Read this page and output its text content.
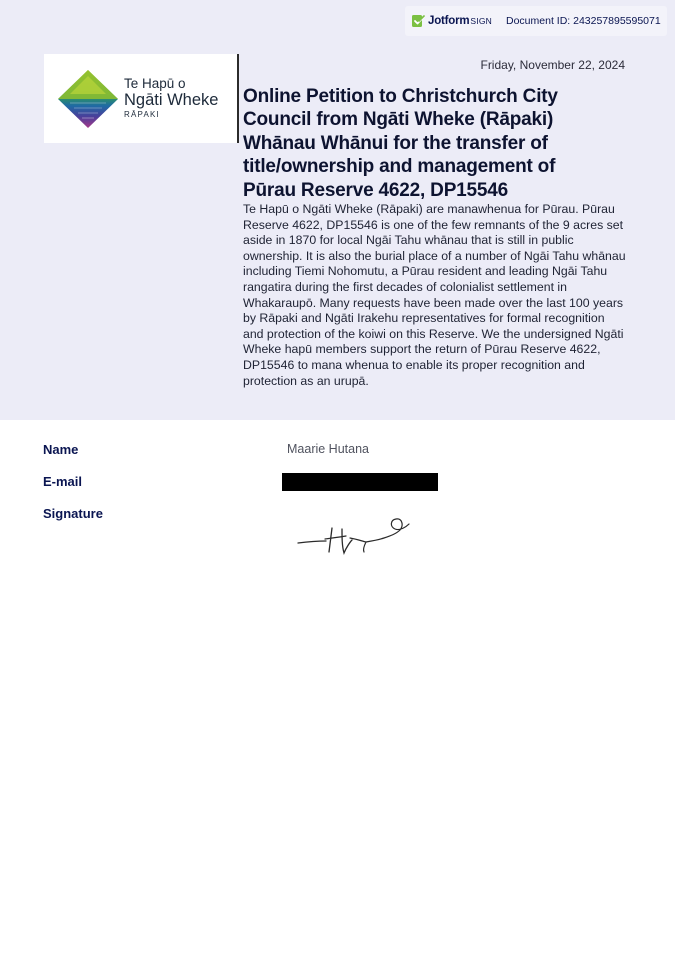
Jotform SIGN Document ID: 243257895595071
Te Hapū o
Ngāti Wheke
RĀPAKI
Friday, November 22, 2024
Online Petition to Christchurch City Council from Ngāti Wheke (Rāpaki) Whānau Whānui for the transfer of title/ownership and management of Pūrau Reserve 4622, DP15546
Te Hapū o Ngāti Wheke (Rāpaki) are manawhenua for Pūrau. Pūrau Reserve 4622, DP15546 is one of the few remnants of the 9 acres set aside in 1870 for local Ngāi Tahu whānau that is still in public ownership. It is also the burial place of a number of Ngāi Tahu whānau including Tiemi Nohomutu, a Pūrau resident and leading Ngāi Tahu rangatira during the first decades of colonialist settlement in Whakaraupō. Many requests have been made over the last 100 years by Rāpaki and Ngāti Irakehu representatives for formal recognition and protection of the koiwi on this Reserve. We the undersigned Ngāti Wheke hapū members support the return of Pūrau Reserve 4622, DP15546 to mana whenua to enable its proper recognition and protection as an urupā.
Name	Maarie Hutana
E-mail
Signature
